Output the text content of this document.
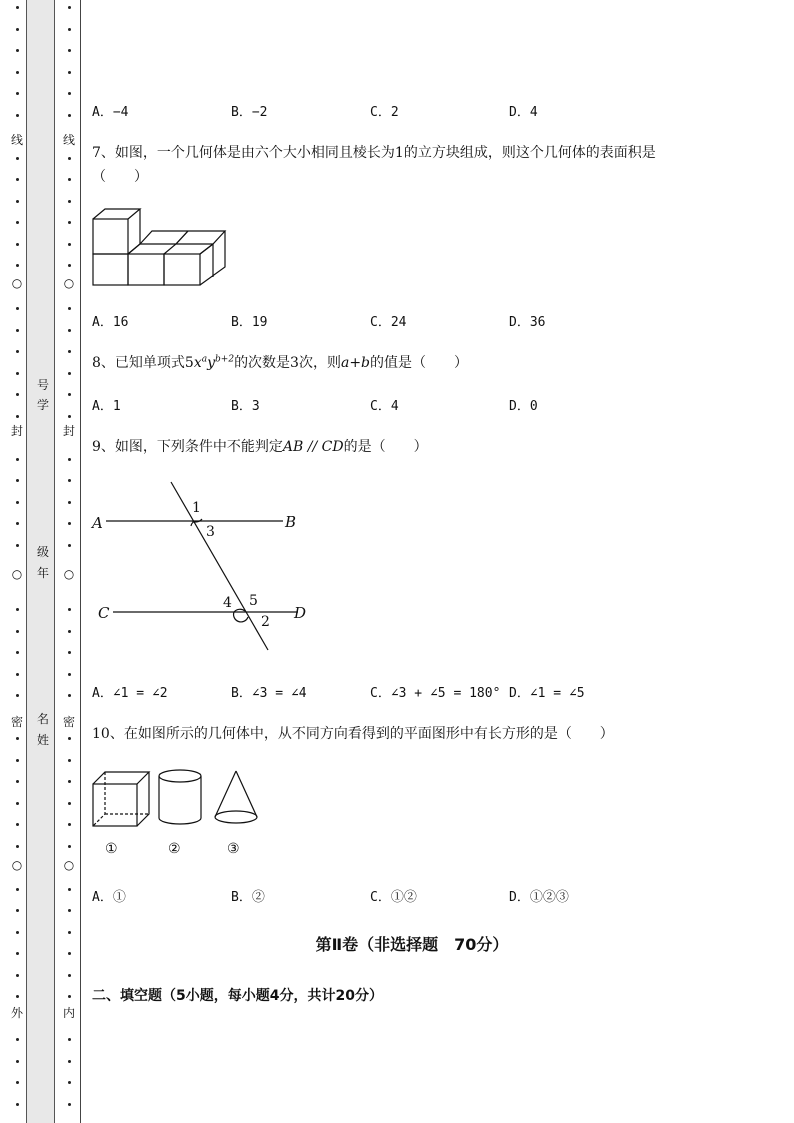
线
○
封
○
密
○
外
线
○
封
○
密
○
内
号
学
级
年
名
姓
A．−4	B．−2	C．2	D．4
7、如图，一个几何体是由六个大小相同且棱长为1的立方块组成，则这个几何体的表面积是
（　　）
A．16	B．19	C．24	D．36
8、已知单项式$5x^ay^{b+2}$的次数是3次，则a+b的值是（　　）
A．1	B．3	C．4	D．0
9、如图，下列条件中不能判定AB // CD的是（　　）
A	B
C	D
1
3
4 5
2
A．∠1 = ∠2	B．∠3 = ∠4	C．∠3 + ∠5 = 180° D．∠1 = ∠5
10、在如图所示的几何体中，从不同方向看得到的平面图形中有长方形的是（　　）
①	②	③
A．①	B．②	C．①②	D．①②③
第Ⅱ卷（非选择题　70分）
二、填空题（5小题，每小题4分，共计20分）
